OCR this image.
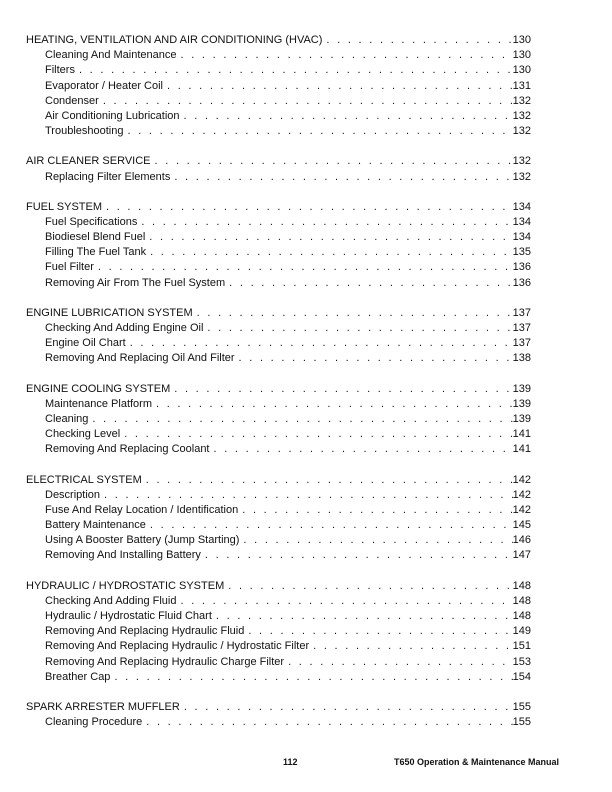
HEATING, VENTILATION AND AIR CONDITIONING (HVAC) . . .	130
Cleaning And Maintenance . . .	130
Filters . . .	130
Evaporator / Heater Coil . . .	131
Condenser . . .	132
Air Conditioning Lubrication . . .	132
Troubleshooting . . .	132
AIR CLEANER SERVICE . . .	132
Replacing Filter Elements . . .	132
FUEL SYSTEM . . .	134
Fuel Specifications . . .	134
Biodiesel Blend Fuel . . .	134
Filling The Fuel Tank . . .	135
Fuel Filter . . .	136
Removing Air From The Fuel System . . .	136
ENGINE LUBRICATION SYSTEM . . .	137
Checking And Adding Engine Oil . . .	137
Engine Oil Chart . . .	137
Removing And Replacing Oil And Filter . . .	138
ENGINE COOLING SYSTEM . . .	139
Maintenance Platform . . .	139
Cleaning . . .	139
Checking Level . . .	141
Removing And Replacing Coolant . . .	141
ELECTRICAL SYSTEM . . .	142
Description . . .	142
Fuse And Relay Location / Identification . . .	142
Battery Maintenance . . .	145
Using A Booster Battery (Jump Starting) . . .	146
Removing And Installing Battery . . .	147
HYDRAULIC / HYDROSTATIC SYSTEM . . .	148
Checking And Adding Fluid . . .	148
Hydraulic / Hydrostatic Fluid Chart . . .	148
Removing And Replacing Hydraulic Fluid . . .	149
Removing And Replacing Hydraulic / Hydrostatic Filter . . .	151
Removing And Replacing Hydraulic Charge Filter . . .	153
Breather Cap . . .	154
SPARK ARRESTER MUFFLER . . .	155
Cleaning Procedure . . .	155
112	T650 Operation & Maintenance Manual
